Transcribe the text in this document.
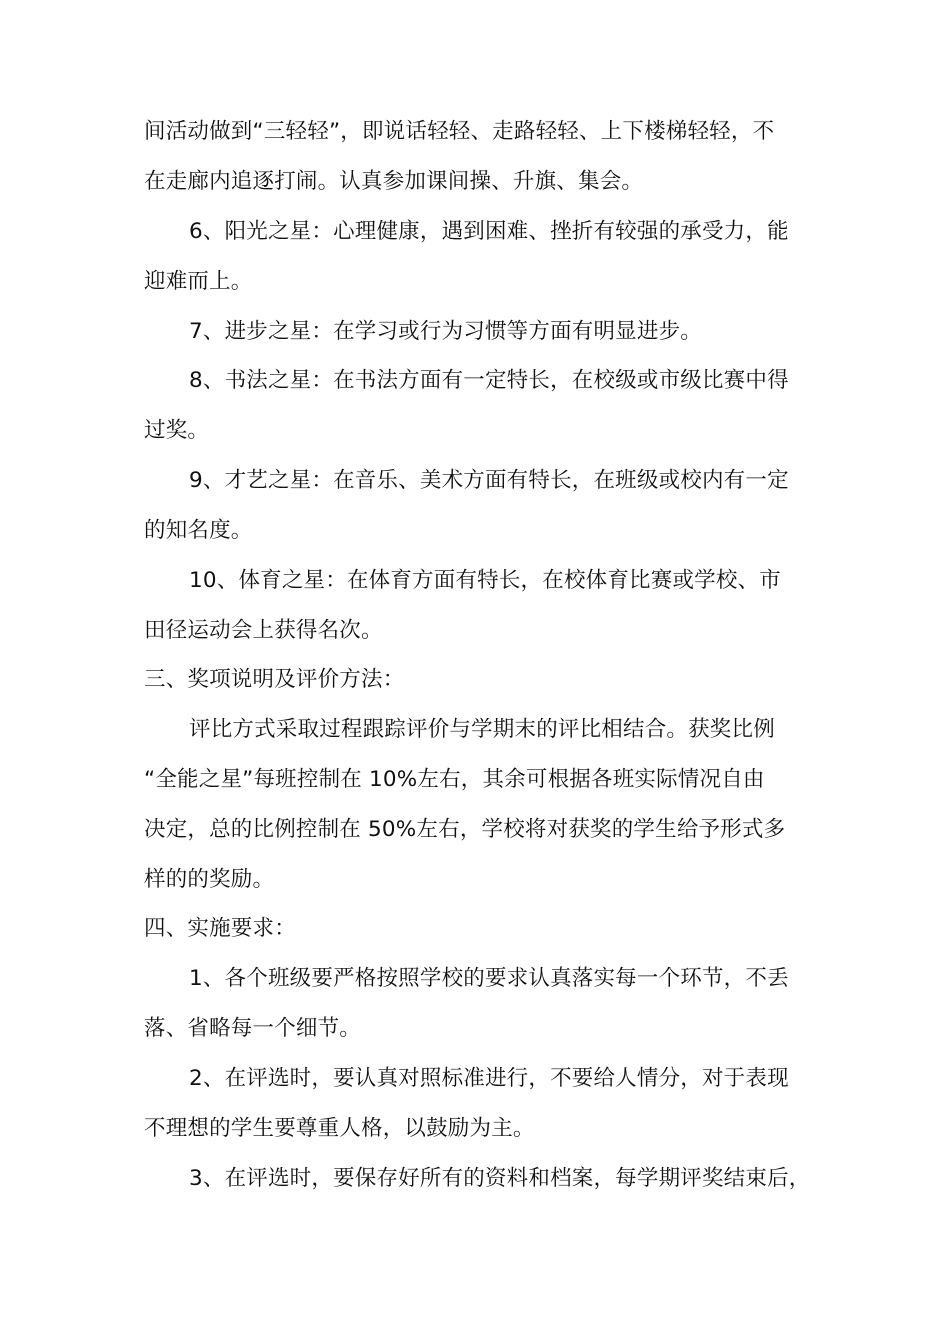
间活动做到“三轻轻”，即说话轻轻、走路轻轻、上下楼梯轻轻，不
在走廊内追逐打闹。认真参加课间操、升旗、集会。
6、阳光之星：心理健康，遇到困难、挫折有较强的承受力，能
迎难而上。
7、进步之星：在学习或行为习惯等方面有明显进步。
8、书法之星：在书法方面有一定特长，在校级或市级比赛中得
过奖。
9、才艺之星：在音乐、美术方面有特长，在班级或校内有一定
的知名度。
10、体育之星：在体育方面有特长，在校体育比赛或学校、市
田径运动会上获得名次。
三、奖项说明及评价方法：
评比方式采取过程跟踪评价与学期末的评比相结合。获奖比例
“全能之星”每班控制在 10%左右，其余可根据各班实际情况自由
决定，总的比例控制在 50%左右，学校将对获奖的学生给予形式多
样的的奖励。
四、实施要求：
1、各个班级要严格按照学校的要求认真落实每一个环节，不丢
落、省略每一个细节。
2、在评选时，要认真对照标准进行，不要给人情分，对于表现
不理想的学生要尊重人格，以鼓励为主。
3、在评选时，要保存好所有的资料和档案，每学期评奖结束后，
